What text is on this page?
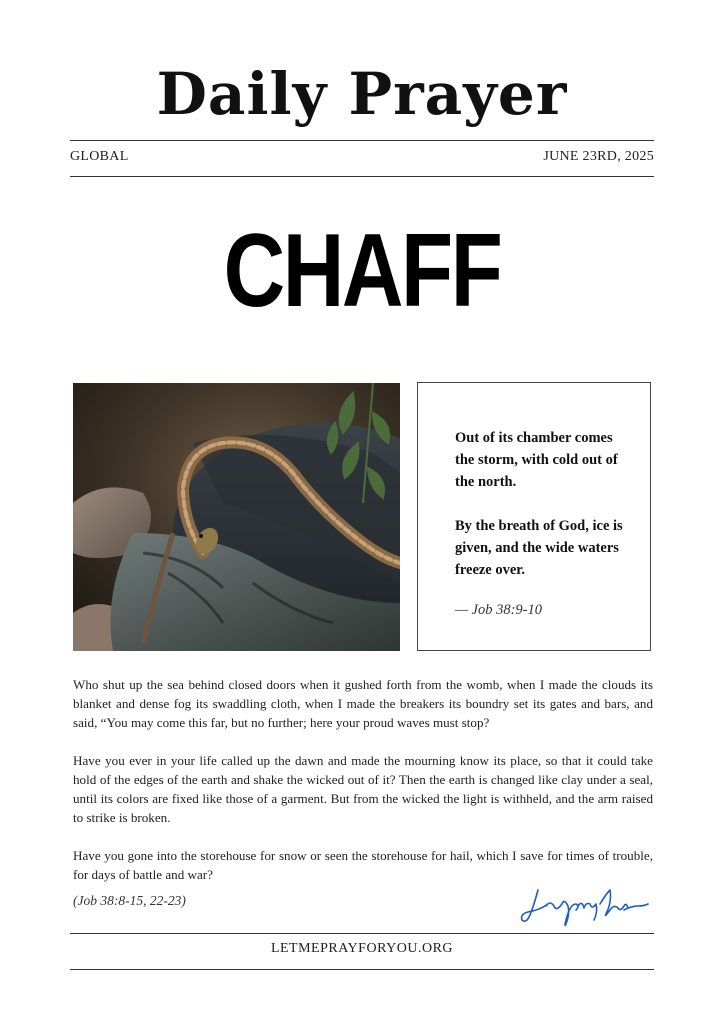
Daily Prayer
GLOBAL	JUNE 23RD, 2025
CHAFF

Out of its chamber comes the storm, with cold out of the north.

By the breath of God, ice is given, and the wide waters freeze over.

— Job 38:9-10

Who shut up the sea behind closed doors when it gushed forth from the womb, when I made the clouds its blanket and dense fog its swaddling cloth, when I made the breakers its boundry set its gates and bars, and said, “You may come this far, but no further; here your proud waves must stop?

Have you ever in your life called up the dawn and made the mourning know its place, so that it could take hold of the edges of the earth and shake the wicked out of it? Then the earth is changed like clay under a seal, until its colors are fixed like those of a garment. But from the wicked the light is withheld, and the arm raised to strike is broken.

Have you gone into the storehouse for snow or seen the storehouse for hail, which I save for times of trouble, for days of battle and war?

(Job 38:8-15, 22-23)
LETMEPRAYFORYOU.ORG
